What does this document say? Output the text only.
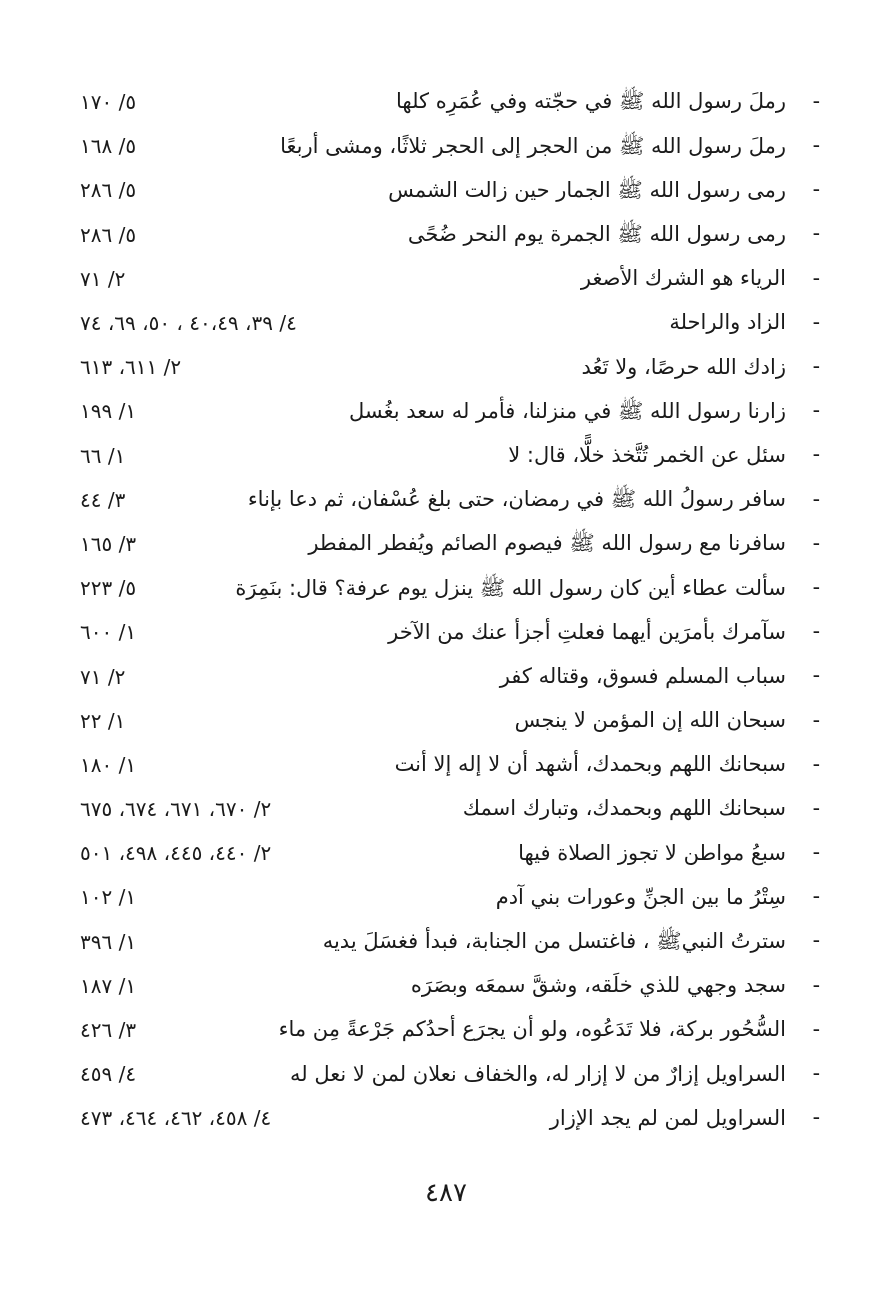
-
رملَ رسول الله ﷺ في حجّته وفي عُمَرِه كلها
٥/ ١٧٠
-
رملَ رسول الله ﷺ من الحجر إلى الحجر ثلاثًا، ومشى أربعًا
٥/ ١٦٨
-
رمى رسول الله ﷺ الجمار حين زالت الشمس
٥/ ٢٨٦
-
رمى رسول الله ﷺ الجمرة يوم النحر ضُحًى
٥/ ٢٨٦
-
الرياء هو الشرك الأصغر
٢/ ٧١
-
الزاد والراحلة
٤/ ٣٩، ٤٠،٤٩ ، ٥٠، ٦٩، ٧٤
-
زادك الله حرصًا، ولا تَعُد
٢/ ٦١١، ٦١٣
-
زارنا رسول الله ﷺ في منزلنا، فأمر له سعد بغُسل
١/ ١٩٩
-
سئل عن الخمر تُتَّخذ خلًّا، قال: لا
١/ ٦٦
-
سافر رسولُ الله ﷺ في رمضان، حتى بلغ عُسْفان، ثم دعا بإناء
٣/ ٤٤
-
سافرنا مع رسول الله ﷺ فيصوم الصائم ويُفطر المفطر
٣/ ١٦٥
-
سألت عطاء أين كان رسول الله ﷺ ينزل يوم عرفة؟ قال: بنَمِرَة
٥/ ٢٢٣
-
سآمرك بأمرَين أيهما فعلتِ أجزأ عنك من الآخر
١/ ٦٠٠
-
سباب المسلم فسوق، وقتاله كفر
٢/ ٧١
-
سبحان الله إن المؤمن لا ينجس
١/ ٢٢
-
سبحانك اللهم وبحمدك، أشهد أن لا إله إلا أنت
١/ ١٨٠
-
سبحانك اللهم وبحمدك، وتبارك اسمك
٢/ ٦٧٠، ٦٧١، ٦٧٤، ٦٧٥
-
سبعُ مواطن لا تجوز الصلاة فيها
٢/ ٤٤٠، ٤٤٥، ٤٩٨، ٥٠١
-
سِتْرُ ما بين الجنِّ وعورات بني آدم
١/ ١٠٢
-
سترتُ النبيﷺ ، فاغتسل من الجنابة، فبدأ فغسَلَ يديه
١/ ٣٩٦
-
سجد وجهي للذي خلَقه، وشقَّ سمعَه وبصَرَه
١/ ١٨٧
-
السُّحُور بركة، فلا تَدَعُوه، ولو أن يجرَع أحدُكم جَرْعةً مِن ماء
٣/ ٤٢٦
-
السراويل إزارٌ من لا إزار له، والخفاف نعلان لمن لا نعل له
٤/ ٤٥٩
-
السراويل لمن لم يجد الإزار
٤/ ٤٥٨، ٤٦٢، ٤٦٤، ٤٧٣
٤٨٧
